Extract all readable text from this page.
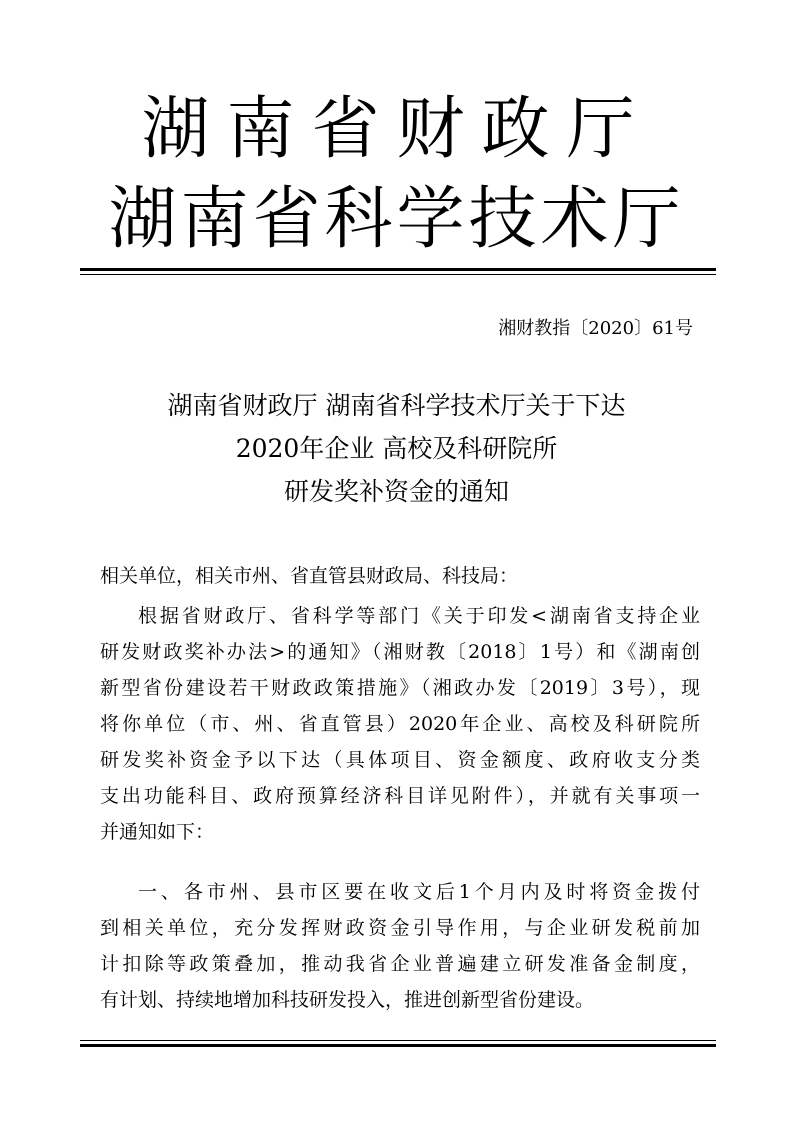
湖南省财政厅
湖南省科学技术厅
湘财教指〔2020〕61号
湖南省财政厅 湖南省科学技术厅关于下达
2020年企业 高校及科研院所
研发奖补资金的通知
相关单位，相关市州、省直管县财政局、科技局：
根据省财政厅、省科学等部门《关于印发<湖南省支持企业
研发财政奖补办法>的通知》（湘财教〔2018〕1号）和《湖南创
新型省份建设若干财政政策措施》（湘政办发〔2019〕3号），现
将你单位（市、州、省直管县）2020年企业、高校及科研院所
研发奖补资金予以下达（具体项目、资金额度、政府收支分类
支出功能科目、政府预算经济科目详见附件），并就有关事项一
并通知如下：
一、各市州、县市区要在收文后1个月内及时将资金拨付
到相关单位，充分发挥财政资金引导作用，与企业研发税前加
计扣除等政策叠加，推动我省企业普遍建立研发准备金制度，
有计划、持续地增加科技研发投入，推进创新型省份建设。
